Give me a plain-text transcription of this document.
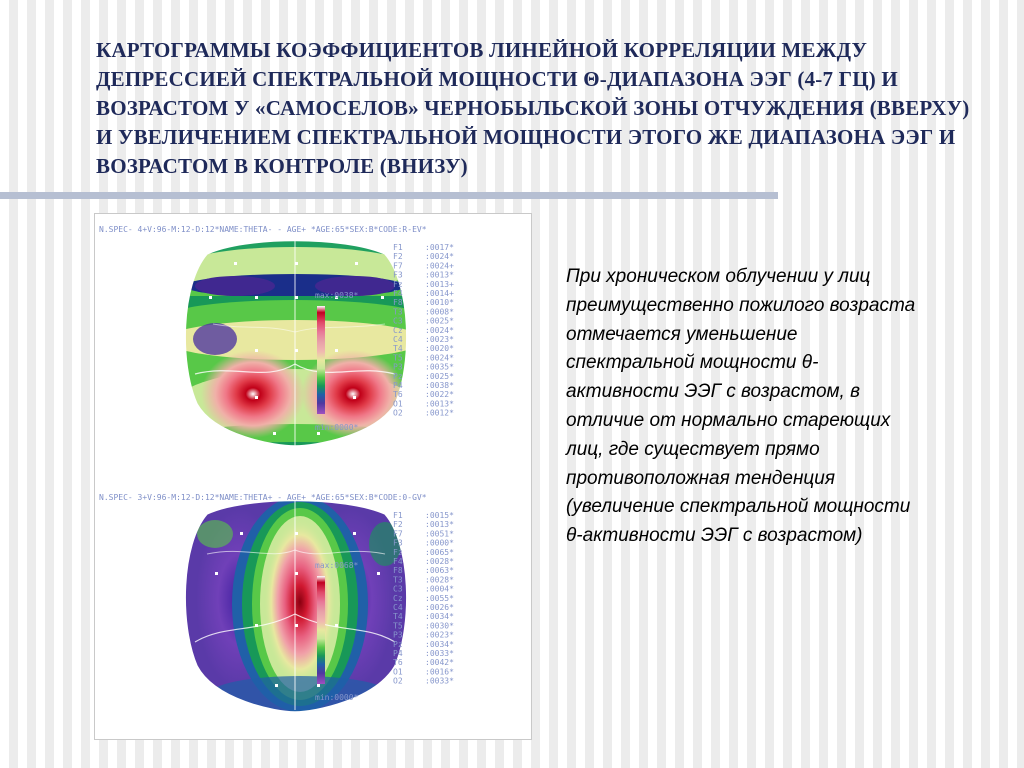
КАРТОГРАММЫ КОЭФФИЦИЕНТОВ ЛИНЕЙНОЙ КОРРЕЛЯЦИИ МЕЖДУ ДЕПРЕССИЕЙ СПЕКТРАЛЬНОЙ МОЩНОСТИ Θ-ДИАПАЗОНА ЭЭГ (4-7 ГЦ) И ВОЗРАСТОМ У «САМОСЕЛОВ» ЧЕРНОБЫЛЬСКОЙ ЗОНЫ ОТЧУЖДЕНИЯ (ВВЕРХУ) И УВЕЛИЧЕНИЕМ СПЕКТРАЛЬНОЙ МОЩНОСТИ ЭТОГО ЖЕ ДИАПАЗОНА ЭЭГ И ВОЗРАСТОМ В КОНТРОЛЕ (ВНИЗУ)
N.SPEC- 4+V:96-M:12-D:12*NAME:THETA- - AGE+ *AGE:65*SEX:B*CODE:R-EV*
max:0038*
min:0000*
F1	:0017*
F2	:0024*
F7	:0024+
F3	:0013*
Fz	:0013+
F4	:0014+
F8	:0010*
T3	:0008*
C3	:0025*
Cz	:0024*
C4	:0023*
T4	:0020*
T5	:0024*
P3	:0035*
Pz	:0025*
P4	:0038*
T6	:0022*
O1	:0013*
O2	:0012*
N.SPEC- 3+V:96-M:12-D:12*NAME:THETA+ - AGE+ *AGE:65*SEX:B*CODE:0-GV*
max:0068*
min:0000*
F1	:0015*
F2	:0013*
F7	:0051*
F3	:0000*
Fz	:0065*
F4	:0028*
F8	:0063*
T3	:0028*
C3	:0004*
Cz	:0055*
C4	:0026*
T4	:0034*
T5	:0030*
P3	:0023*
Pz	:0034*
P4	:0033*
T6	:0042*
O1	:0016*
O2	:0033*

При хроническом облучении у лиц преимущественно пожилого возраста отмечается уменьшение спектральной мощности θ-активности ЭЭГ с возрастом, в отличие от нормально стареющих лиц, где существует прямо противоположная тенденция (увеличение спектральной мощности θ-активности ЭЭГ с возрастом)
